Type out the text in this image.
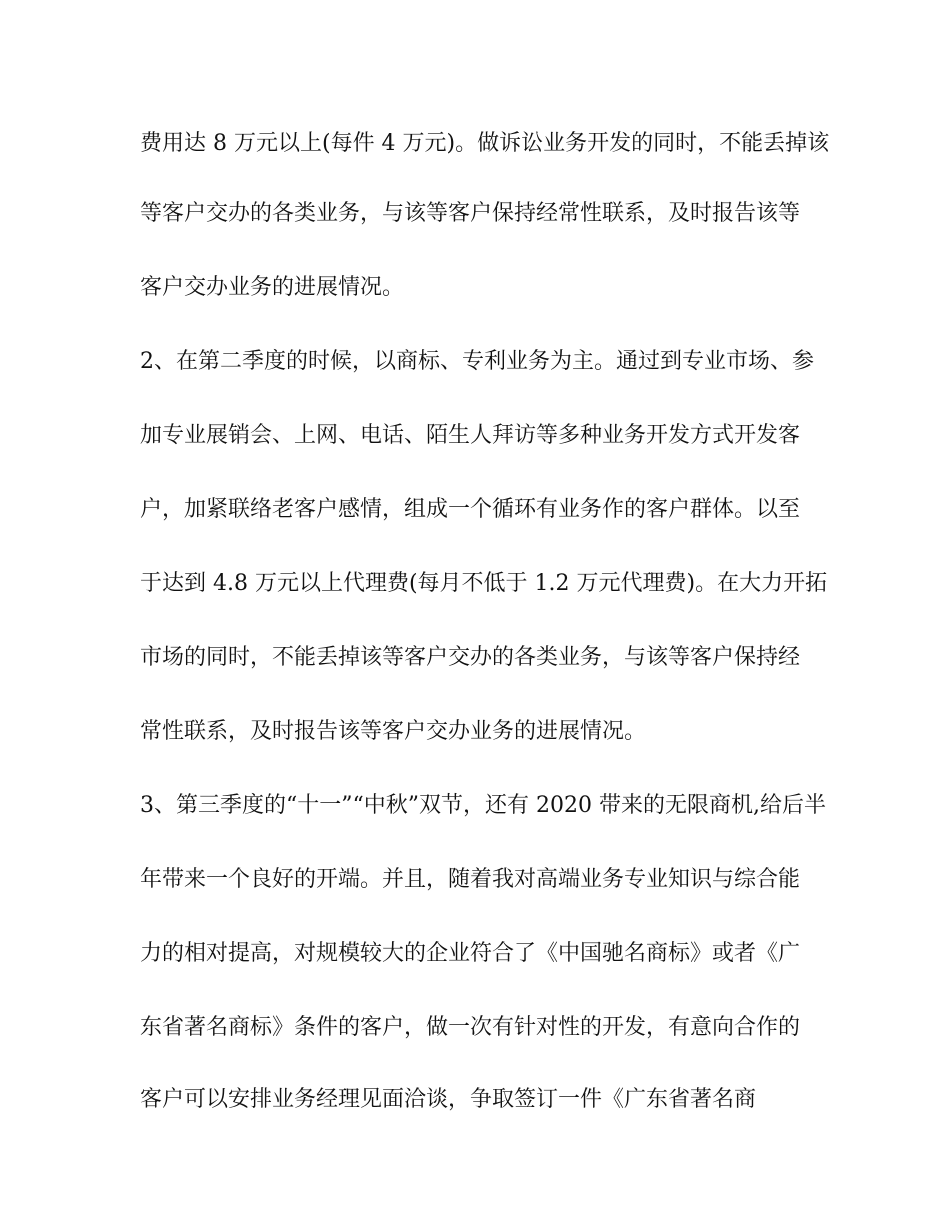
费用达 8 万元以上(每件 4 万元)。做诉讼业务开发的同时，不能丢掉该
等客户交办的各类业务，与该等客户保持经常性联系，及时报告该等
客户交办业务的进展情况。
2、在第二季度的时候，以商标、专利业务为主。通过到专业市场、参
加专业展销会、上网、电话、陌生人拜访等多种业务开发方式开发客
户，加紧联络老客户感情，组成一个循环有业务作的客户群体。以至
于达到 4.8 万元以上代理费(每月不低于 1.2 万元代理费)。在大力开拓
市场的同时，不能丢掉该等客户交办的各类业务，与该等客户保持经
常性联系，及时报告该等客户交办业务的进展情况。
3、第三季度的“十一”“中秋”双节，还有 2020 带来的无限商机,给后半
年带来一个良好的开端。并且，随着我对高端业务专业知识与综合能
力的相对提高，对规模较大的企业符合了《中国驰名商标》或者《广
东省著名商标》条件的客户，做一次有针对性的开发，有意向合作的
客户可以安排业务经理见面洽谈，争取签订一件《广东省著名商
